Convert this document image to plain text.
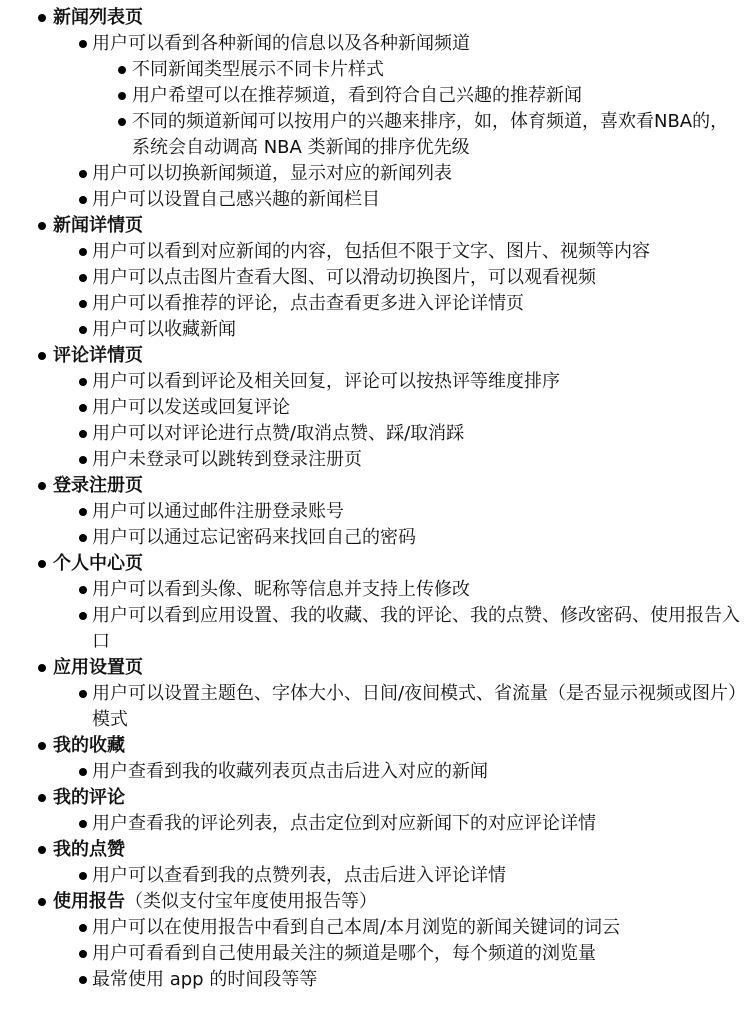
新闻列表页
用户可以看到各种新闻的信息以及各种新闻频道
不同新闻类型展示不同卡片样式
用户希望可以在推荐频道，看到符合自己兴趣的推荐新闻
不同的频道新闻可以按用户的兴趣来排序，如，体育频道，喜欢看NBA的，系统会自动调高 NBA 类新闻的排序优先级
用户可以切换新闻频道，显示对应的新闻列表
用户可以设置自己感兴趣的新闻栏目
新闻详情页
用户可以看到对应新闻的内容，包括但不限于文字、图片、视频等内容
用户可以点击图片查看大图、可以滑动切换图片，可以观看视频
用户可以看推荐的评论，点击查看更多进入评论详情页
用户可以收藏新闻
评论详情页
用户可以看到评论及相关回复，评论可以按热评等维度排序
用户可以发送或回复评论
用户可以对评论进行点赞/取消点赞、踩/取消踩
用户未登录可以跳转到登录注册页
登录注册页
用户可以通过邮件注册登录账号
用户可以通过忘记密码来找回自己的密码
个人中心页
用户可以看到头像、昵称等信息并支持上传修改
用户可以看到应用设置、我的收藏、我的评论、我的点赞、修改密码、使用报告入口
应用设置页
用户可以设置主题色、字体大小、日间/夜间模式、省流量（是否显示视频或图片）模式
我的收藏
用户查看到我的收藏列表页点击后进入对应的新闻
我的评论
用户查看我的评论列表，点击定位到对应新闻下的对应评论详情
我的点赞
用户可以查看到我的点赞列表，点击后进入评论详情
使用报告（类似支付宝年度使用报告等）
用户可以在使用报告中看到自己本周/本月浏览的新闻关键词的词云
用户可看看到自己使用最关注的频道是哪个，每个频道的浏览量
最常使用 app 的时间段等等
